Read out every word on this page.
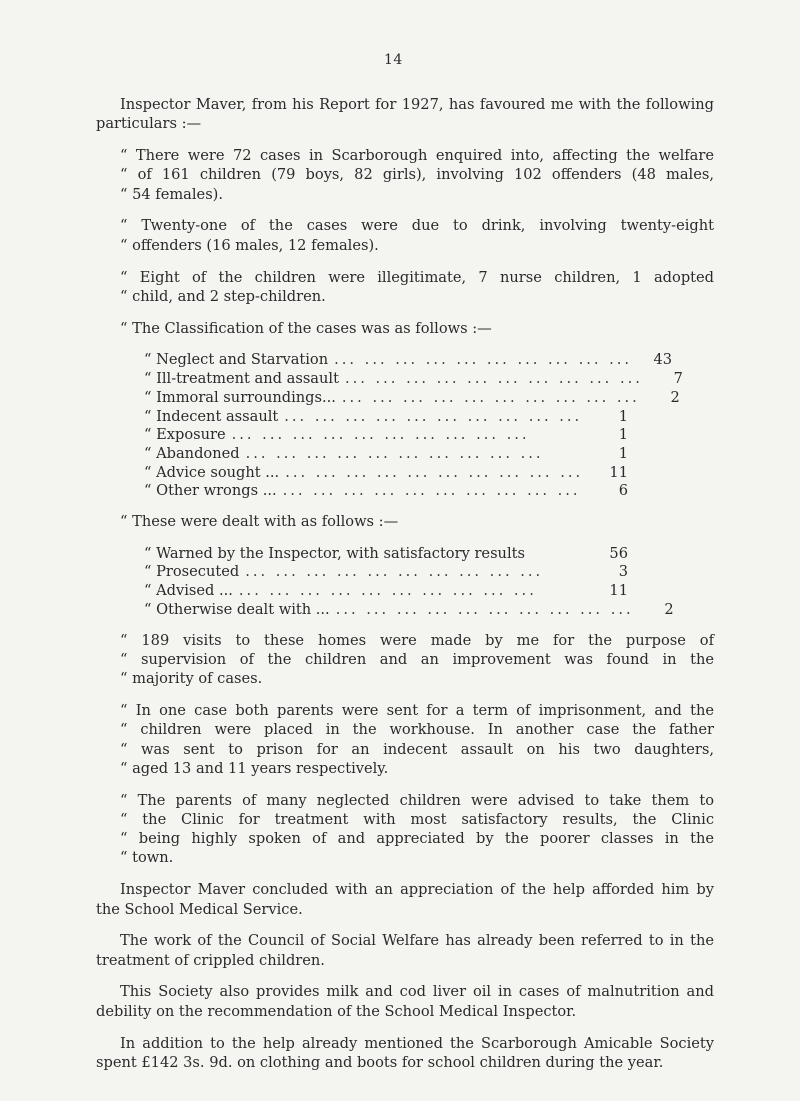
14

Inspector Maver, from his Report for 1927, has favoured me with the following particulars :—

“ There were 72 cases in Scarborough enquired into, affecting the welfare
“ of 161 children (79 boys, 82 girls), involving 102 offenders (48 males,
“ 54 females).

“ Twenty-one of the cases were due to drink, involving twenty-eight
“ offenders (16 males, 12 females).

“ Eight of the children were illegitimate, 7 nurse children, 1 adopted
“ child, and 2 step-children.

“ The Classification of the cases was as follows :—

“ Neglect and Starvation ... ... ... ... ... ... ... ... ... ...	43
“ Ill-treatment and assault ... ... ... ... ... ... ... ... ... ...	7
“ Immoral surroundings... ... ... ... ... ... ... ... ... ... ...	2
“ Indecent assault ... ... ... ... ... ... ... ... ... ...	1
“ Exposure ... ... ... ... ... ... ... ... ... ...	1
“ Abandoned ... ... ... ... ... ... ... ... ... ...	1
“ Advice sought ... ... ... ... ... ... ... ... ... ... ...	11
“ Other wrongs ... ... ... ... ... ... ... ... ... ... ...	6

“ These were dealt with as follows :—

“ Warned by the Inspector, with satisfactory results	56
“ Prosecuted ... ... ... ... ... ... ... ... ... ...	3
“ Advised ... ... ... ... ... ... ... ... ... ... ...	11
“ Otherwise dealt with ... ... ... ... ... ... ... ... ... ... ...	2

“ 189 visits to these homes were made by me for the purpose of
“ supervision of the children and an improvement was found in the
“ majority of cases.

“ In one case both parents were sent for a term of imprisonment, and the
“ children were placed in the workhouse. In another case the father
“ was sent to prison for an indecent assault on his two daughters,
“ aged 13 and 11 years respectively.

“ The parents of many neglected children were advised to take them to
“ the Clinic for treatment with most satisfactory results, the Clinic
“ being highly spoken of and appreciated by the poorer classes in the
“ town.

Inspector Maver concluded with an appreciation of the help afforded him by the School Medical Service.

The work of the Council of Social Welfare has already been referred to in the treatment of crippled children.

This Society also provides milk and cod liver oil in cases of malnutrition and debility on the recommendation of the School Medical Inspector.

In addition to the help already mentioned the Scarborough Amicable Society spent £142 3s. 9d. on clothing and boots for school children during the year.
